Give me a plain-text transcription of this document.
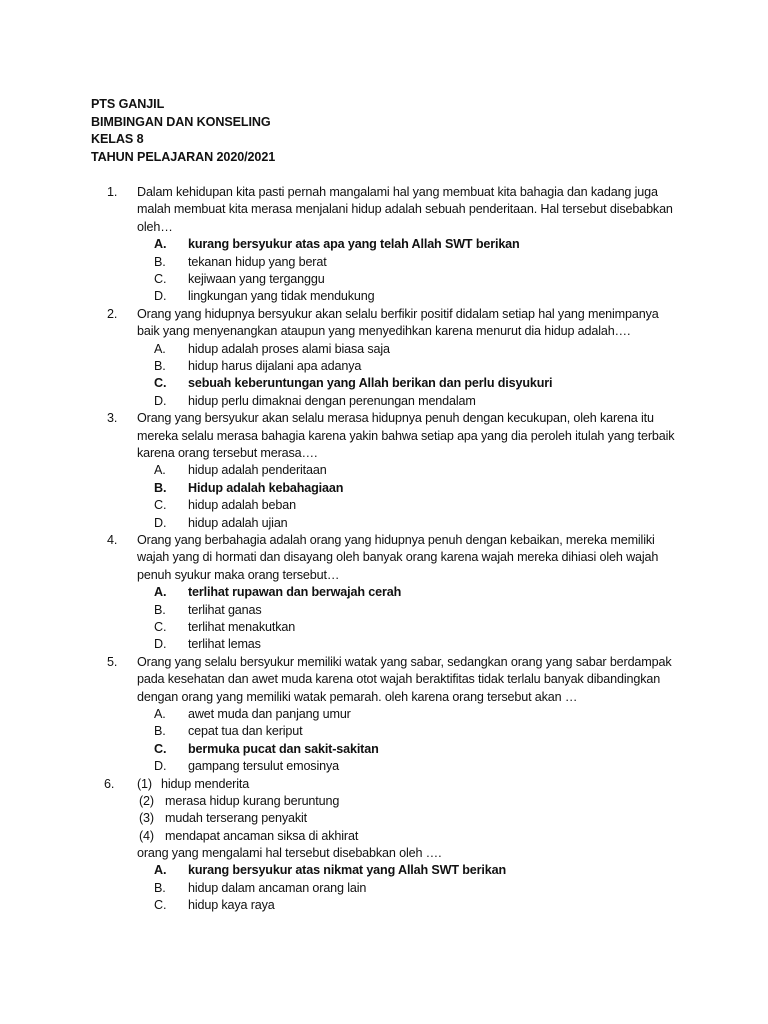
PTS GANJIL
BIMBINGAN DAN KONSELING
KELAS 8
TAHUN PELAJARAN 2020/2021
1. Dalam kehidupan kita pasti pernah mangalami hal yang membuat kita bahagia dan kadang juga malah membuat kita merasa menjalani hidup adalah sebuah penderitaan. Hal tersebut disebabkan oleh…
A. kurang bersyukur atas apa yang telah Allah SWT berikan
B. tekanan hidup yang berat
C. kejiwaan yang terganggu
D. lingkungan yang tidak mendukung
2. Orang yang hidupnya bersyukur akan selalu berfikir positif didalam setiap hal yang menimpanya baik yang menyenangkan ataupun yang menyedihkan karena menurut dia hidup adalah….
A. hidup adalah proses alami biasa saja
B. hidup harus dijalani apa adanya
C. sebuah keberuntungan yang Allah berikan dan perlu disyukuri
D. hidup perlu dimaknai dengan perenungan mendalam
3. Orang yang bersyukur akan selalu merasa hidupnya penuh dengan kecukupan, oleh karena itu mereka selalu merasa bahagia karena yakin bahwa setiap apa yang dia peroleh itulah yang terbaik karena orang tersebut merasa….
A. hidup adalah penderitaan
B. Hidup adalah kebahagiaan
C. hidup adalah beban
D. hidup adalah ujian
4. Orang yang berbahagia adalah orang yang hidupnya penuh dengan kebaikan, mereka memiliki wajah yang di hormati dan disayang oleh banyak orang karena wajah mereka dihiasi oleh wajah penuh syukur maka orang tersebut…
A. terlihat rupawan dan berwajah cerah
B. terlihat ganas
C. terlihat menakutkan
D. terlihat lemas
5. Orang yang selalu bersyukur memiliki watak yang sabar, sedangkan orang yang sabar berdampak pada kesehatan dan awet muda karena otot wajah beraktifitas tidak terlalu banyak dibandingkan dengan orang yang memiliki watak pemarah. oleh karena orang tersebut akan …
A. awet muda dan panjang umur
B. cepat tua dan keriput
C. bermuka pucat dan sakit-sakitan
D. gampang tersulut emosinya
6. (1) hidup menderita
(2) merasa hidup kurang beruntung
(3) mudah terserang penyakit
(4) mendapat ancaman siksa di akhirat
orang yang mengalami hal tersebut disebabkan oleh ….
A. kurang bersyukur atas nikmat yang Allah SWT berikan
B. hidup dalam ancaman orang lain
C. hidup kaya raya
